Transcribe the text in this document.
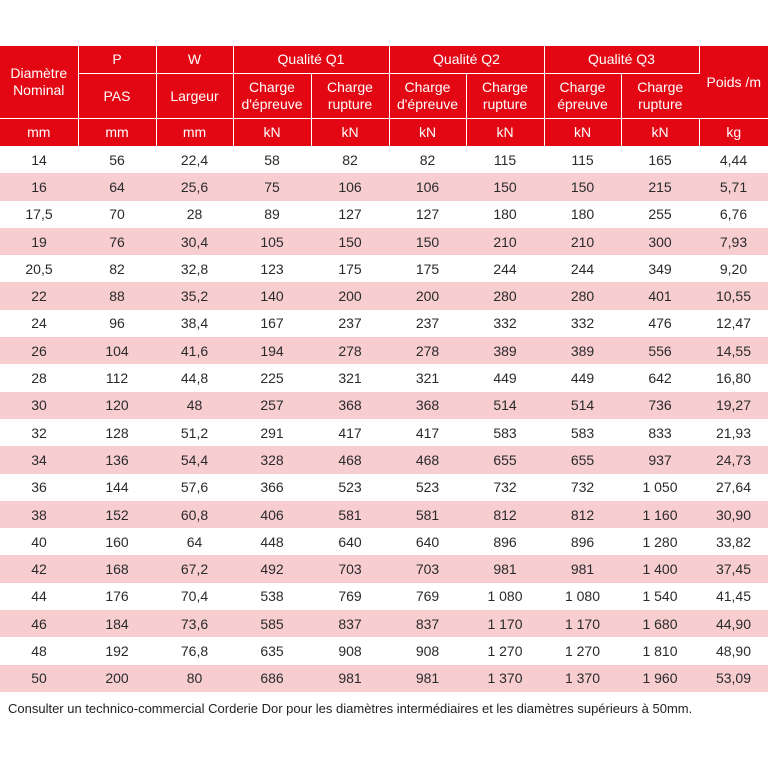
Diamètre Nominal	P	W	Qualité Q1		Qualité Q2		Qualité Q3		Poids /m
	PAS	Largeur	Charge d'épreuve	Charge rupture	Charge d'épreuve	Charge rupture	Charge épreuve	Charge rupture	
mm	mm	mm	kN	kN	kN	kN	kN	kN	kg
14	56	22,4	58	82	82	115	115	165	4,44
16	64	25,6	75	106	106	150	150	215	5,71
17,5	70	28	89	127	127	180	180	255	6,76
19	76	30,4	105	150	150	210	210	300	7,93
20,5	82	32,8	123	175	175	244	244	349	9,20
22	88	35,2	140	200	200	280	280	401	10,55
24	96	38,4	167	237	237	332	332	476	12,47
26	104	41,6	194	278	278	389	389	556	14,55
28	112	44,8	225	321	321	449	449	642	16,80
30	120	48	257	368	368	514	514	736	19,27
32	128	51,2	291	417	417	583	583	833	21,93
34	136	54,4	328	468	468	655	655	937	24,73
36	144	57,6	366	523	523	732	732	1 050	27,64
38	152	60,8	406	581	581	812	812	1 160	30,90
40	160	64	448	640	640	896	896	1 280	33,82
42	168	67,2	492	703	703	981	981	1 400	37,45
44	176	70,4	538	769	769	1 080	1 080	1 540	41,45
46	184	73,6	585	837	837	1 170	1 170	1 680	44,90
48	192	76,8	635	908	908	1 270	1 270	1 810	48,90
50	200	80	686	981	981	1 370	1 370	1 960	53,09
Consulter un technico-commercial Corderie Dor pour les diamètres intermédiaires et les diamètres supérieurs à 50mm.
